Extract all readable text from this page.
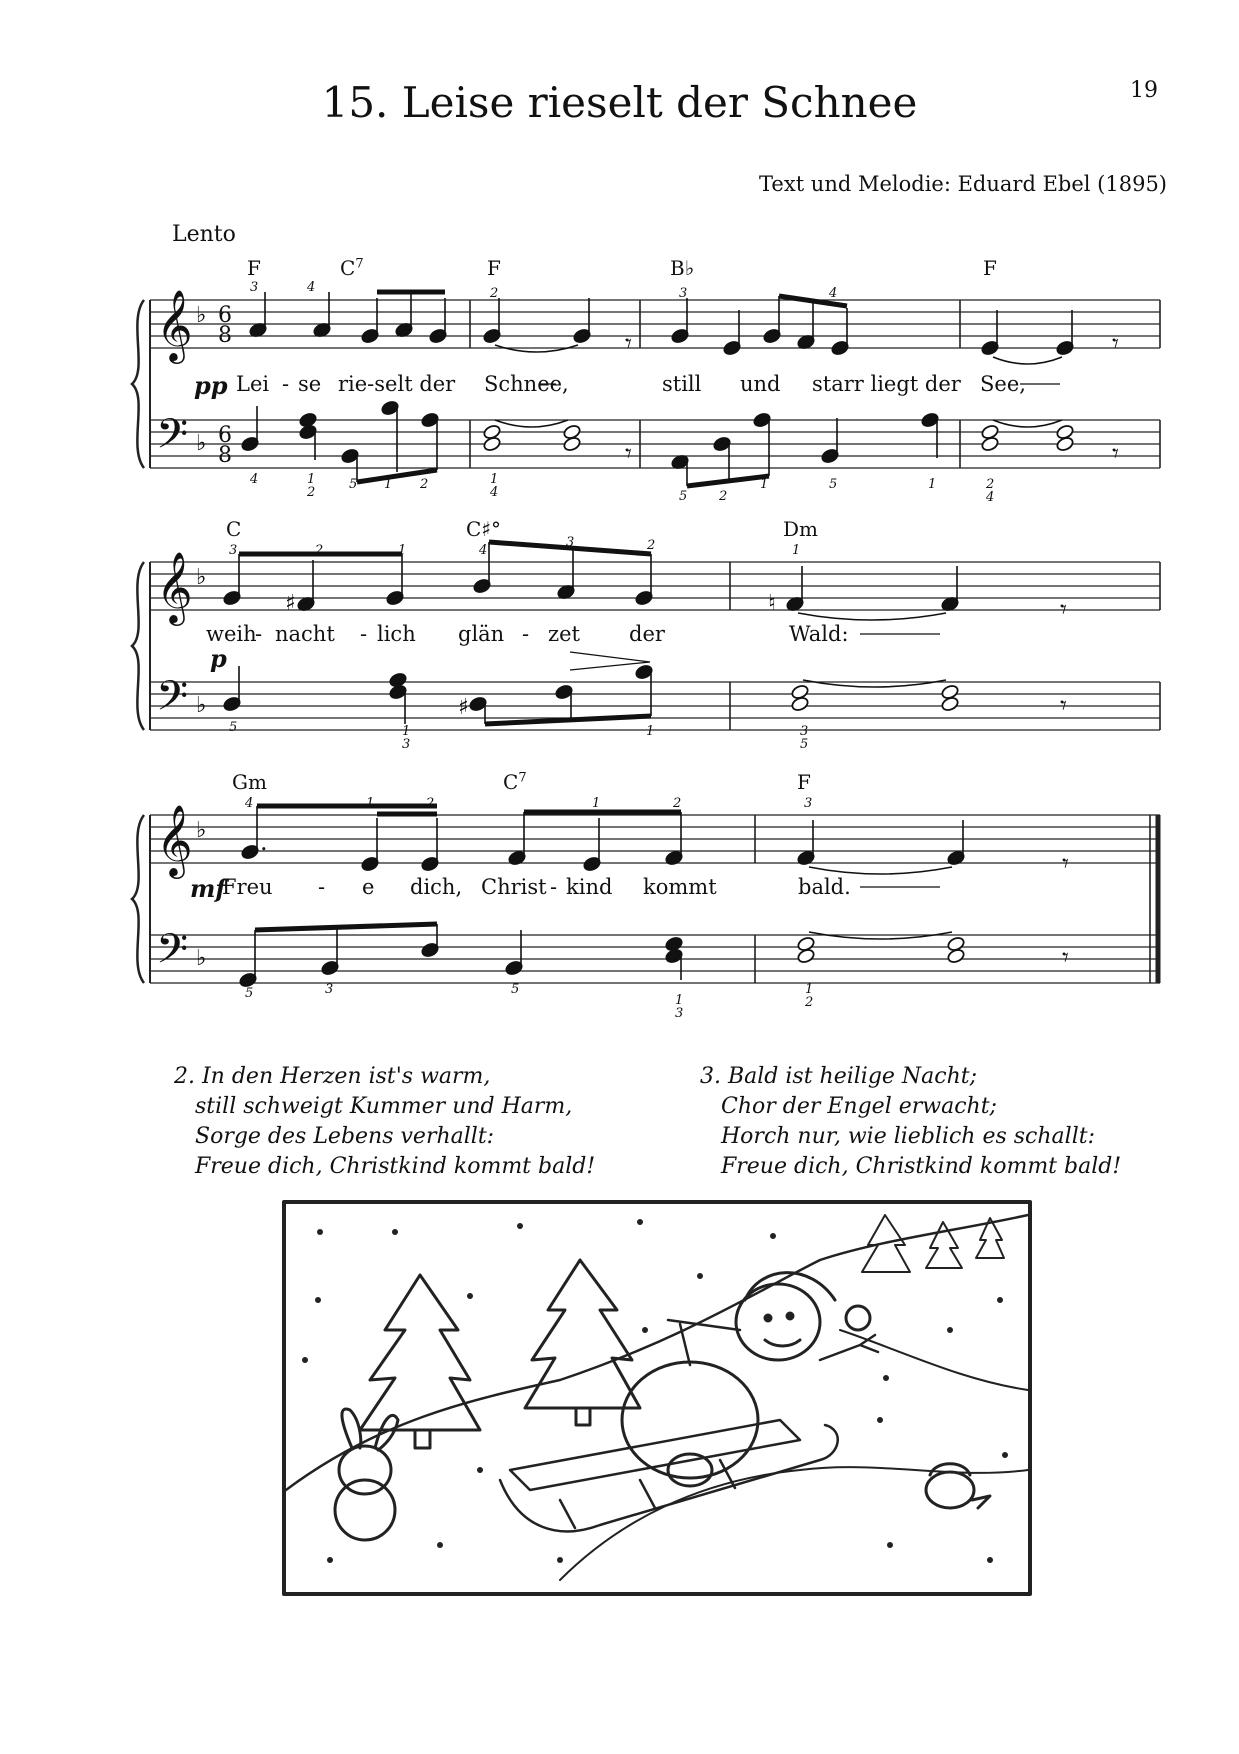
15. Leise rieselt der Schnee	19
Text und Melodie: Eduard Ebel (1895)
Lento
𝄞
𝄢
♭
♭
𝄞
𝄢
♭
♭
𝄞
𝄢
♭
♭
6
8
6
8
𝄾	𝄾
𝄾	𝄾
♯	♮	𝄾
♯	𝄾
.
𝄾
𝄾
F	$C^7$	F	B♭	F
3	4	2	3	4
pp Lei - se rie-selt der Schnee,	still und starr liegt der See,
4	1
2
5 1 2	1
4	5 2
1	5	1	2
4
C	C♯°	Dm
3	2	1	4
3	2	1
weih
- nacht - lich glän - zet der	Wald:
p
5	1
3
1	3
5
Gm	$C^7$	F
4	1	2	1	2	3
mf
Freu - e dich, Christ - kind kommt	bald.
5	3	5
1
3
1
2
2. In den Herzen ist's warm,
still schweigt Kummer und Harm,
Sorge des Lebens verhallt:
Freue dich, Christkind kommt bald!
3. Bald ist heilige Nacht;
Chor der Engel erwacht;
Horch nur, wie lieblich es schallt:
Freue dich, Christkind kommt bald!
